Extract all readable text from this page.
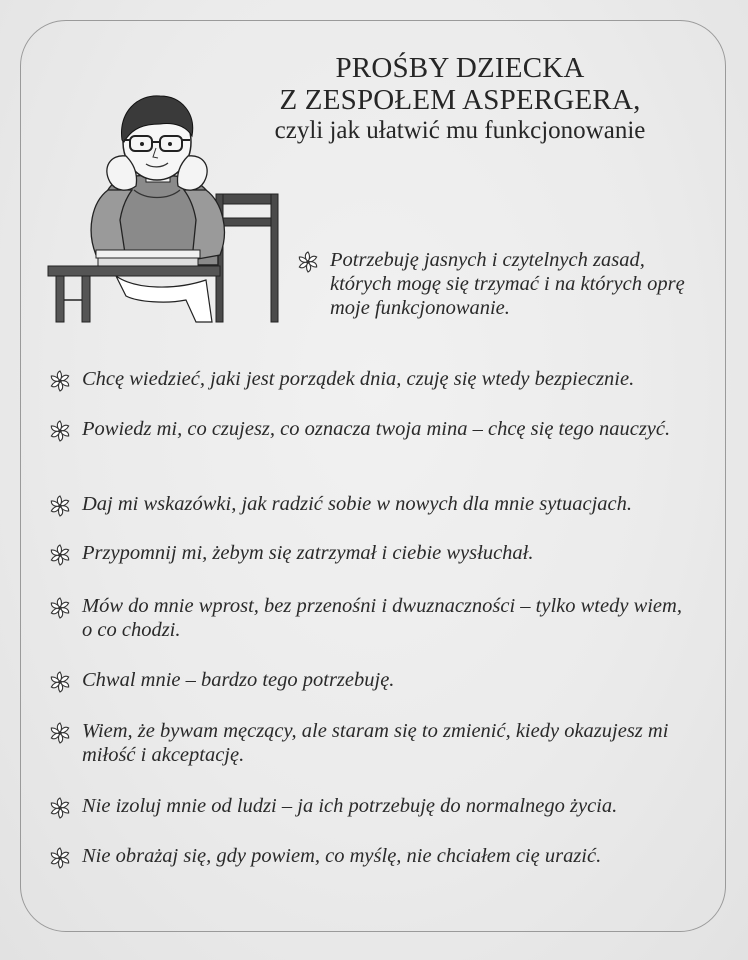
PROŚBY DZIECKA
Z ZESPOŁEM ASPERGERA,
czyli jak ułatwić mu funkcjonowanie
Potrzebuję jasnych i czytelnych zasad, których mogę się trzymać i na których oprę moje funkcjonowanie.
Chcę wiedzieć, jaki jest porządek dnia, czuję się wtedy bezpiecznie.
Powiedz mi, co czujesz, co oznacza twoja mina – chcę się tego nauczyć.
Daj mi wskazówki, jak radzić sobie w nowych dla mnie sytuacjach.
Przypomnij mi, żebym się zatrzymał i ciebie wysłuchał.
Mów do mnie wprost, bez przenośni i dwuznaczności – tylko wtedy wiem, o co chodzi.
Chwal mnie – bardzo tego potrzebuję.
Wiem, że bywam męczący, ale staram się to zmienić, kiedy okazujesz mi miłość i akceptację.
Nie izoluj mnie od ludzi – ja ich potrzebuję do normalnego życia.
Nie obrażaj się, gdy powiem, co myślę, nie chciałem cię urazić.
